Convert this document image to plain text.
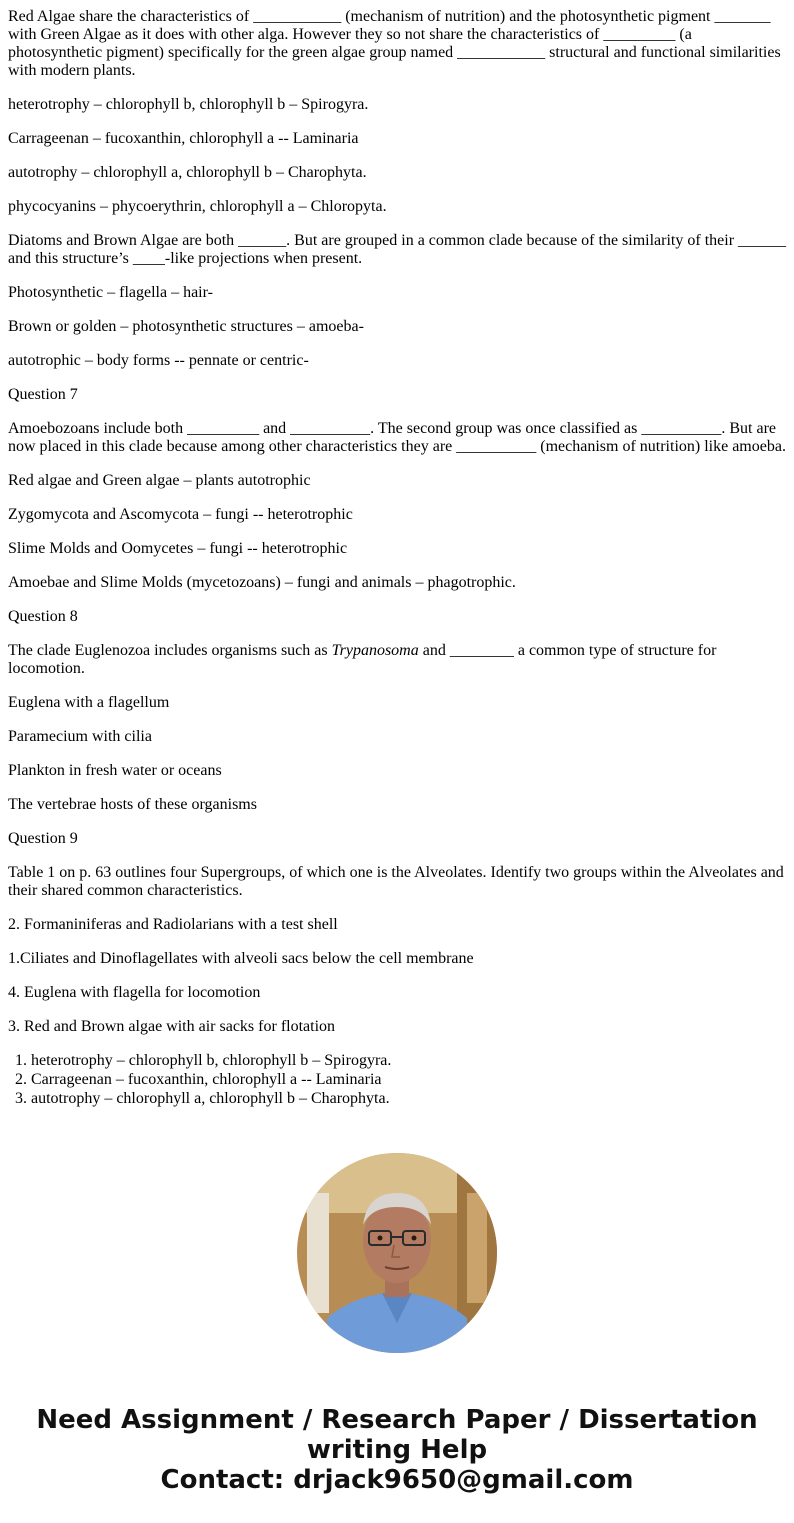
Red Algae share the characteristics of ___________ (mechanism of nutrition) and the photosynthetic pigment _______ with Green Algae as it does with other alga. However they so not share the characteristics of _________ (a photosynthetic pigment) specifically for the green algae group named ___________ structural and functional similarities with modern plants.

heterotrophy – chlorophyll b, chlorophyll b – Spirogyra.

Carrageenan – fucoxanthin, chlorophyll a -- Laminaria

autotrophy – chlorophyll a, chlorophyll b – Charophyta.

phycocyanins – phycoerythrin, chlorophyll a – Chloropyta.

Diatoms and Brown Algae are both ______. But are grouped in a common clade because of the similarity of their ______ and this structure’s ____-like projections when present.

Photosynthetic – flagella – hair-

Brown or golden – photosynthetic structures – amoeba-

autotrophic – body forms -- pennate or centric-

Question 7

Amoebozoans include both _________ and __________. The second group was once classified as __________. But are now placed in this clade because among other characteristics they are __________ (mechanism of nutrition) like amoeba.

Red algae and Green algae – plants autotrophic

Zygomycota and Ascomycota – fungi -- heterotrophic

Slime Molds and Oomycetes – fungi -- heterotrophic

Amoebae and Slime Molds (mycetozoans) – fungi and animals – phagotrophic.

Question 8

The clade Euglenozoa includes organisms such as Trypanosoma and ________ a common type of structure for locomotion.

Euglena with a flagellum

Paramecium with cilia

Plankton in fresh water or oceans

The vertebrae hosts of these organisms

Question 9

Table 1 on p. 63 outlines four Supergroups, of which one is the Alveolates. Identify two groups within the Alveolates and their shared common characteristics.

2. Formaniniferas and Radiolarians with a test shell

1.Ciliates and Dinoflagellates with alveoli sacs below the cell membrane

4. Euglena with flagella for locomotion

3. Red and Brown algae with air sacks for flotation

1. heterotrophy – chlorophyll b, chlorophyll b – Spirogyra.
2. Carrageenan – fucoxanthin, chlorophyll a -- Laminaria
3. autotrophy – chlorophyll a, chlorophyll b – Charophyta.
Need Assignment / Research Paper / Dissertation
writing Help
Contact: drjack9650@gmail.com
